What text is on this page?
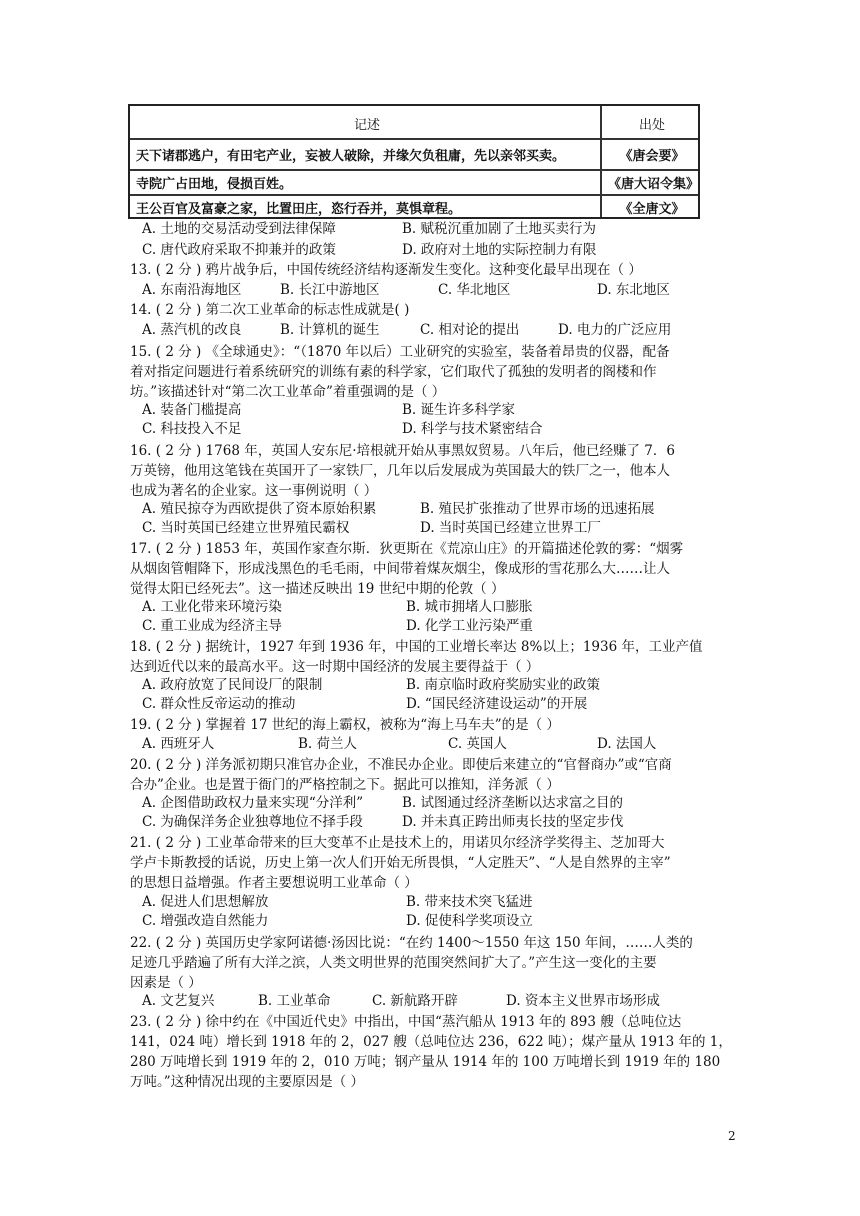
记述	出处
天下诸郡逃户，有田宅产业，妄被人破除，并缘欠负租庸，先以亲邻买卖。	《唐会要》
寺院广占田地，侵损百姓。	《唐大诏令集》
王公百官及富豪之家，比置田庄，恣行吞并，莫惧章程。	《全唐文》
A. 土地的交易活动受到法律保障	B. 赋税沉重加剧了土地买卖行为
C. 唐代政府采取不抑兼并的政策	D. 政府对土地的实际控制力有限
13. ( 2 分 ) 鸦片战争后，中国传统经济结构逐渐发生变化。这种变化最早出现在（ ）
A. 东南沿海地区	B. 长江中游地区	C. 华北地区	D. 东北地区
14. ( 2 分 ) 第二次工业革命的标志性成就是( )
A. 蒸汽机的改良	B. 计算机的诞生	C. 相对论的提出	D. 电力的广泛应用
15. ( 2 分 ) 《全球通史》：“（1870 年以后）工业研究的实验室，装备着昂贵的仪器，配备
着对指定问题进行着系统研究的训练有素的科学家，它们取代了孤独的发明者的阁楼和作
坊。”该描述针对“第二次工业革命”着重强调的是（ ）
A. 装备门槛提高	B. 诞生许多科学家
C. 科技投入不足	D. 科学与技术紧密结合
16. ( 2 分 ) 1768 年，英国人安东尼·培根就开始从事黑奴贸易。八年后，他已经赚了 7．6
万英镑，他用这笔钱在英国开了一家铁厂，几年以后发展成为英国最大的铁厂之一，他本人
也成为著名的企业家。这一事例说明（ ）
A. 殖民掠夺为西欧提供了资本原始积累	B. 殖民扩张推动了世界市场的迅速拓展
C. 当时英国已经建立世界殖民霸权	D. 当时英国已经建立世界工厂
17. ( 2 分 ) 1853 年，英国作家查尔斯．狄更斯在《荒凉山庄》的开篇描述伦敦的雾：“烟雾
从烟囱管帽降下，形成浅黑色的毛毛雨，中间带着煤灰烟尘，像成形的雪花那么大……让人
觉得太阳已经死去”。这一描述反映出 19 世纪中期的伦敦（ ）
A. 工业化带来环境污染	B. 城市拥堵人口膨胀
C. 重工业成为经济主导	D. 化学工业污染严重
18. ( 2 分 ) 据统计，1927 年到 1936 年，中国的工业增长率达 8%以上；1936 年，工业产值
达到近代以来的最高水平。这一时期中国经济的发展主要得益于（ ）
A. 政府放宽了民间设厂的限制	B. 南京临时政府奖励实业的政策
C. 群众性反帝运动的推动	D. “国民经济建设运动”的开展
19. ( 2 分 ) 掌握着 17 世纪的海上霸权，被称为“海上马车夫”的是（ ）
A. 西班牙人	B. 荷兰人	C. 英国人	D. 法国人
20. ( 2 分 ) 洋务派初期只准官办企业，不准民办企业。即使后来建立的“官督商办”或“官商
合办”企业。也是置于衙门的严格控制之下。据此可以推知，洋务派（ ）
A. 企图借助政权力量来实现“分洋利”	B. 试图通过经济垄断以达求富之目的
C. 为确保洋务企业独尊地位不择手段	D. 并未真正跨出师夷长技的坚定步伐
21. ( 2 分 ) 工业革命带来的巨大变革不止是技术上的，用诺贝尔经济学奖得主、芝加哥大
学卢卡斯教授的话说，历史上第一次人们开始无所畏惧，“人定胜天”、“人是自然界的主宰”
的思想日益增强。作者主要想说明工业革命（ ）
A. 促进人们思想解放	B. 带来技术突飞猛进
C. 增强改造自然能力	D. 促使科学奖项设立
22. ( 2 分 ) 英国历史学家阿诺德·汤因比说：“在约 1400～1550 年这 150 年间，……人类的
足迹几乎踏遍了所有大洋之滨，人类文明世界的范围突然间扩大了。”产生这一变化的主要
因素是（ ）
A. 文艺复兴	B. 工业革命	C. 新航路开辟	D. 资本主义世界市场形成
23. ( 2 分 ) 徐中约在《中国近代史》中指出，中国“蒸汽船从 1913 年的 893 艘（总吨位达
141，024 吨）增长到 1918 年的 2，027 艘（总吨位达 236，622 吨）；煤产量从 1913 年的 1，
280 万吨增长到 1919 年的 2，010 万吨；钢产量从 1914 年的 100 万吨增长到 1919 年的 180
万吨。”这种情况出现的主要原因是（ ）
2
